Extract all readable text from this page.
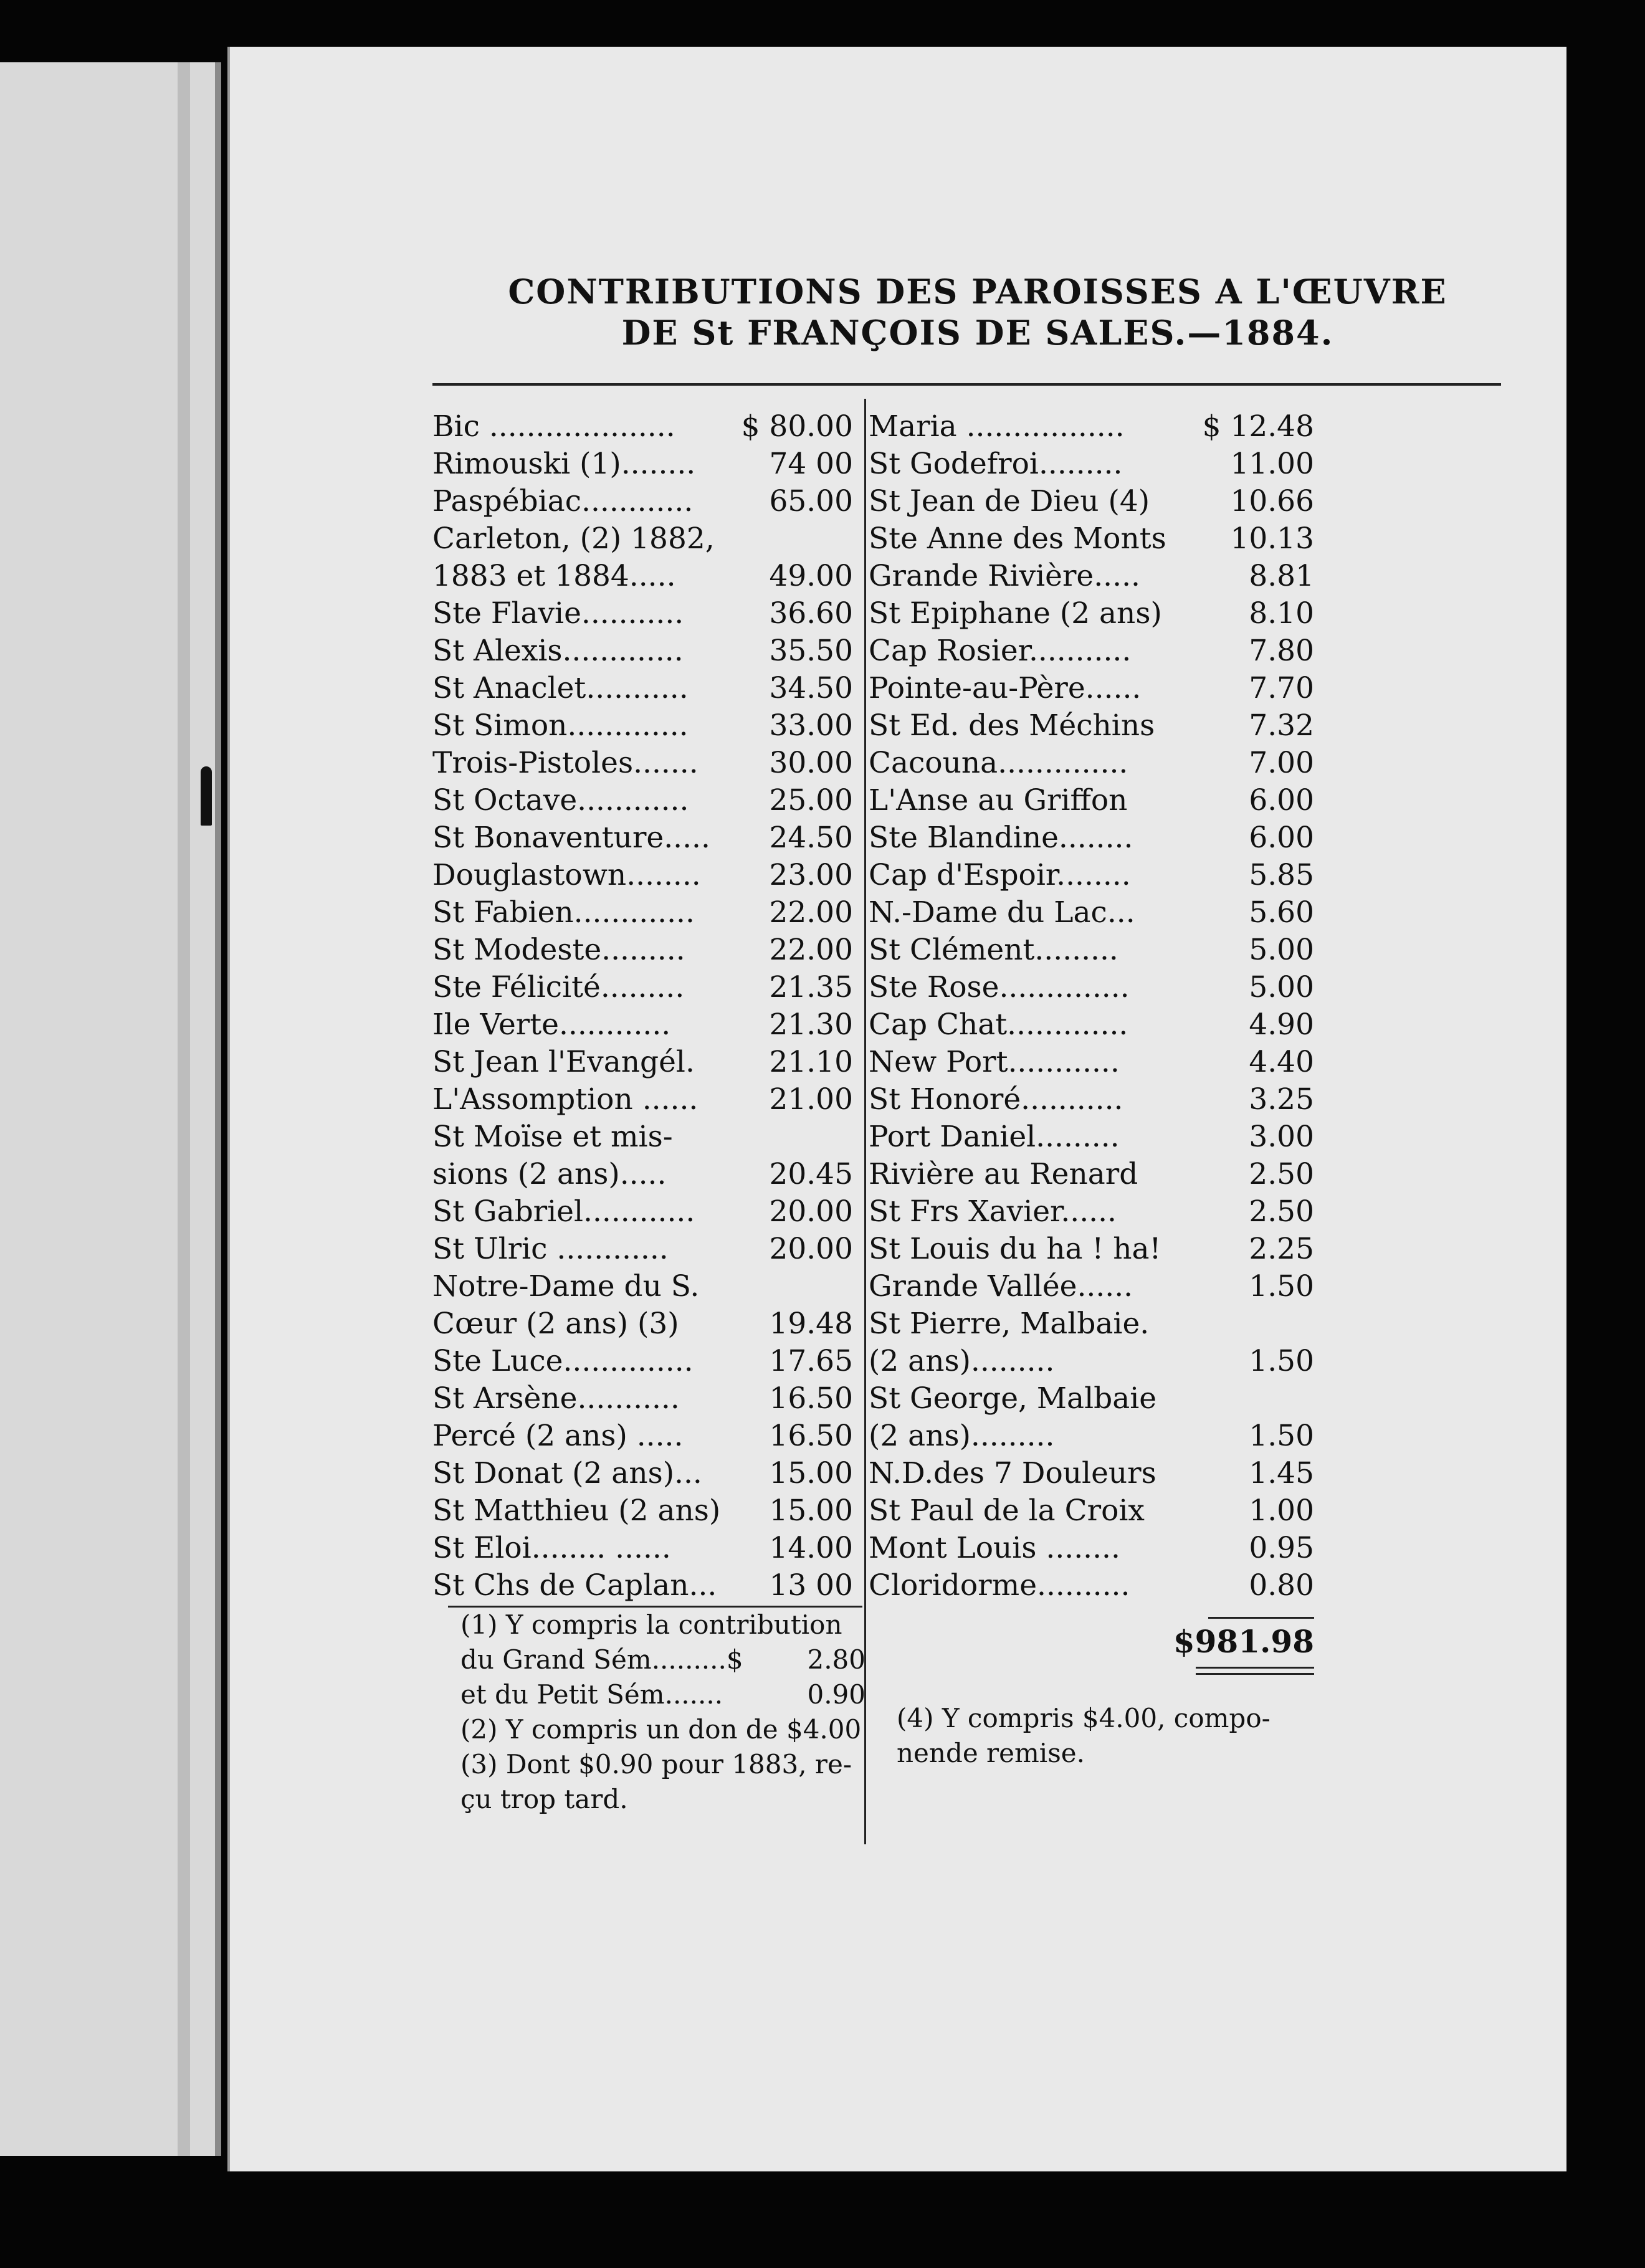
CONTRIBUTIONS DES PAROISSES A L'ŒUVRE
DE St FRANÇOIS DE SALES.—1884.
Bic .................... $ 80.00
Rimouski (1)........	74 00
Paspébiac............	65.00
Carleton, (2) 1882,
1883 et 1884.....	49.00
Ste Flavie...........	36.60
St Alexis.............	35.50
St Anaclet...........	34.50
St Simon.............	33.00
Trois-Pistoles....... 30.00
St Octave............	25.00
St Bonaventure..... 24.50
Douglastown........ 23.00
St Fabien.............	22.00
St Modeste.........	22.00
Ste Félicité.........	21.35
Ile Verte............	21.30
St Jean l'Evangél.	21.10
L'Assomption ...... 21.00
St Moïse et mis-
sions (2 ans).....	20.45
St Gabriel............	20.00
St Ulric ............	20.00
Notre-Dame du S.
Cœur (2 ans) (3)	19.48
Ste Luce..............	17.65
St Arsène...........	16.50
Percé (2 ans) .....	16.50
St Donat (2 ans)... 15.00
St Matthieu (2 ans) 15.00
St Eloi........ ......	14.00
St Chs de Caplan... 13 00
Maria .................	$ 12.48
St Godefroi.........	11.00
St Jean de Dieu (4)	10.66
Ste Anne des Monts 10.13
Grande Rivière.....	8.81
St Epiphane (2 ans)	8.10
Cap Rosier...........	7.80
Pointe-au-Père......	7.70
St Ed. des Méchins	7.32
Cacouna..............	7.00
L'Anse au Griffon	6.00
Ste Blandine........	6.00
Cap d'Espoir........	5.85
N.-Dame du Lac...	5.60
St Clément.........	5.00
Ste Rose..............	5.00
Cap Chat.............	4.90
New Port............	4.40
St Honoré...........	3.25
Port Daniel.........	3.00
Rivière au Renard	2.50
St Frs Xavier......	2.50
St Louis du ha ! ha!	2.25
Grande Vallée......	1.50
St Pierre, Malbaie.
(2 ans).........	1.50
St George, Malbaie
(2 ans).........	1.50
N.D.des 7 Douleurs	1.45
St Paul de la Croix	1.00
Mont Louis ........	0.95
Cloridorme..........	0.80
$981.98
(1) Y compris la contribution
du Grand Sém.........$ 2.80
et du Petit Sém.......	0.90
(2) Y compris un don de $4.00
(3) Dont $0.90 pour 1883, re-
çu trop tard.
(4) Y compris $4.00, compo-
nende remise.
